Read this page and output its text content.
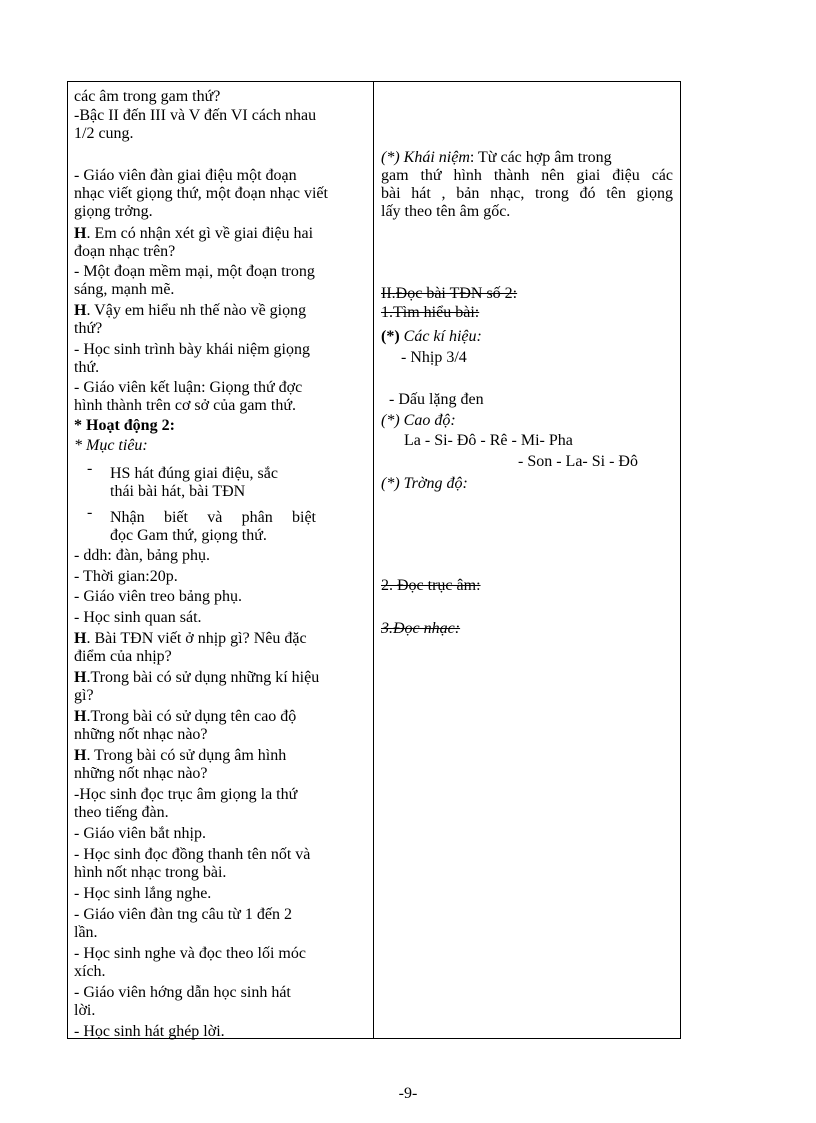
các âm trong gam thứ?
-Bậc II đến III và V đến VI cách nhau
1/2 cung.
- Giáo viên đàn giai điệu một đoạn
nhạc viết giọng thứ, một đoạn nhạc viết
giọng trởng.
H. Em có nhận xét gì về giai điệu hai
đoạn nhạc trên?
- Một đoạn mềm mại, một đoạn trong
sáng, mạnh mẽ.
H. Vậy em hiểu nh thế nào về giọng
thứ?
- Học sinh trình bày khái niệm giọng
thứ.
- Giáo viên kết luận: Giọng thứ đợc
hình thành trên cơ sở của gam thứ.
* Hoạt động 2:
* Mục tiêu:
- HS hát đúng giai điệu, sắc
thái bài hát, bài TĐN
- Nhận biết và phân biệt
đọc Gam thứ, giọng thứ.
- ddh: đàn, bảng phụ.
- Thời gian:20p.
- Giáo viên treo bảng phụ.
- Học sinh quan sát.
H. Bài TĐN viết ở nhịp gì? Nêu đặc
điểm của nhịp?
H.Trong bài có sử dụng những kí hiệu
gì?
H.Trong bài có sử dụng tên cao độ
những nốt nhạc nào?
H. Trong bài có sử dụng âm hình
những nốt nhạc nào?
-Học sinh đọc trục âm giọng la thứ
theo tiếng đàn.
- Giáo viên bắt nhịp.
- Học sinh đọc đồng thanh tên nốt và
hình nốt nhạc trong bài.
- Học sinh lắng nghe.
- Giáo viên đàn tng câu từ 1 đến 2
lần.
- Học sinh nghe và đọc theo lối móc
xích.
- Giáo viên hớng dẫn học sinh hát
lời.
- Học sinh hát ghép lời.
(*) Khái niệm: Từ các hợp âm trong
gam thứ hình thành nên giai điệu các
bài hát , bản nhạc, trong đó tên giọng
lấy theo tên âm gốc.
II.Đọc bài TĐN số 2:
1.Tìm hiểu bài:
(*) Các kí hiệu:
- Nhịp 3/4
- Dấu lặng đen
(*) Cao độ:
La - Si- Đô - Rê - Mi- Pha
- Son - La- Si - Đô
(*) Trờng độ:
2. Đọc trục âm:
3.Đọc nhạc:
-9-
